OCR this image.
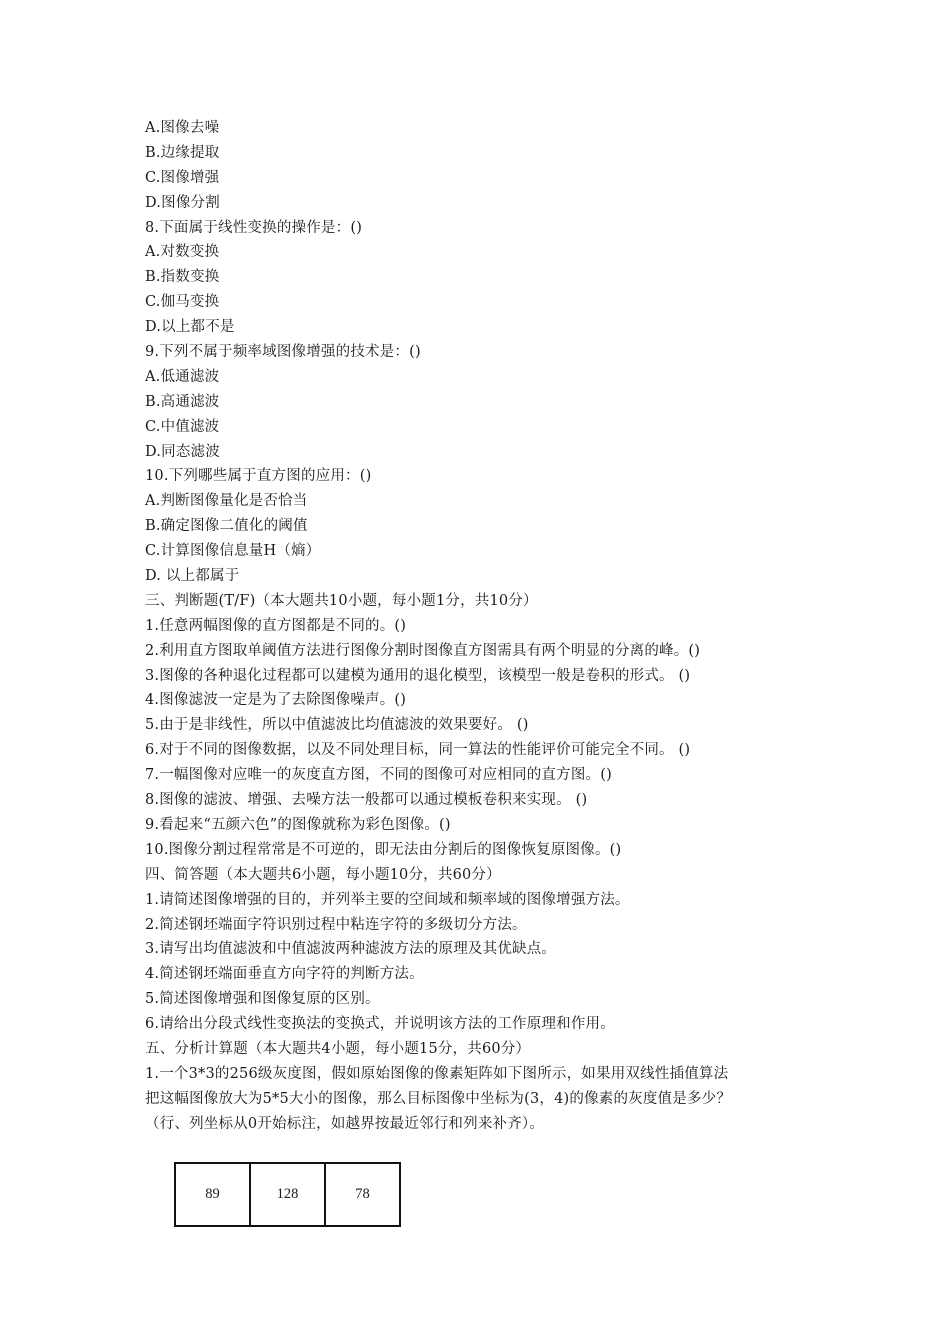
A.图像去噪
B.边缘提取
C.图像增强
D.图像分割
8.下面属于线性变换的操作是：()
A.对数变换
B.指数变换
C.伽马变换
D.以上都不是
9.下列不属于频率域图像增强的技术是：()
A.低通滤波
B.高通滤波
C.中值滤波
D.同态滤波
10.下列哪些属于直方图的应用：()
A.判断图像量化是否恰当
B.确定图像二值化的阈值
C.计算图像信息量H（熵）
D. 以上都属于
三、判断题(T/F)（本大题共10小题，每小题1分，共10分）
1.任意两幅图像的直方图都是不同的。()
2.利用直方图取单阈值方法进行图像分割时图像直方图需具有两个明显的分离的峰。()
3.图像的各种退化过程都可以建模为通用的退化模型，该模型一般是卷积的形式。 ()
4.图像滤波一定是为了去除图像噪声。()
5.由于是非线性，所以中值滤波比均值滤波的效果要好。 ()
6.对于不同的图像数据，以及不同处理目标，同一算法的性能评价可能完全不同。 ()
7.一幅图像对应唯一的灰度直方图，不同的图像可对应相同的直方图。()
8.图像的滤波、增强、去噪方法一般都可以通过模板卷积来实现。 ()
9.看起来“五颜六色”的图像就称为彩色图像。()
10.图像分割过程常常是不可逆的，即无法由分割后的图像恢复原图像。()
四、简答题（本大题共6小题，每小题10分，共60分）
1.请简述图像增强的目的，并列举主要的空间域和频率域的图像增强方法。
2.简述钢坯端面字符识别过程中粘连字符的多级切分方法。
3.请写出均值滤波和中值滤波两种滤波方法的原理及其优缺点。
4.简述钢坯端面垂直方向字符的判断方法。
5.简述图像增强和图像复原的区别。
6.请给出分段式线性变换法的变换式，并说明该方法的工作原理和作用。
五、分析计算题（本大题共4小题，每小题15分，共60分）
1.一个3*3的256级灰度图，假如原始图像的像素矩阵如下图所示，如果用双线性插值算法
把这幅图像放大为5*5大小的图像，那么目标图像中坐标为(3，4)的像素的灰度值是多少？
（行、列坐标从0开始标注，如越界按最近邻行和列来补齐）。
89	128	78
